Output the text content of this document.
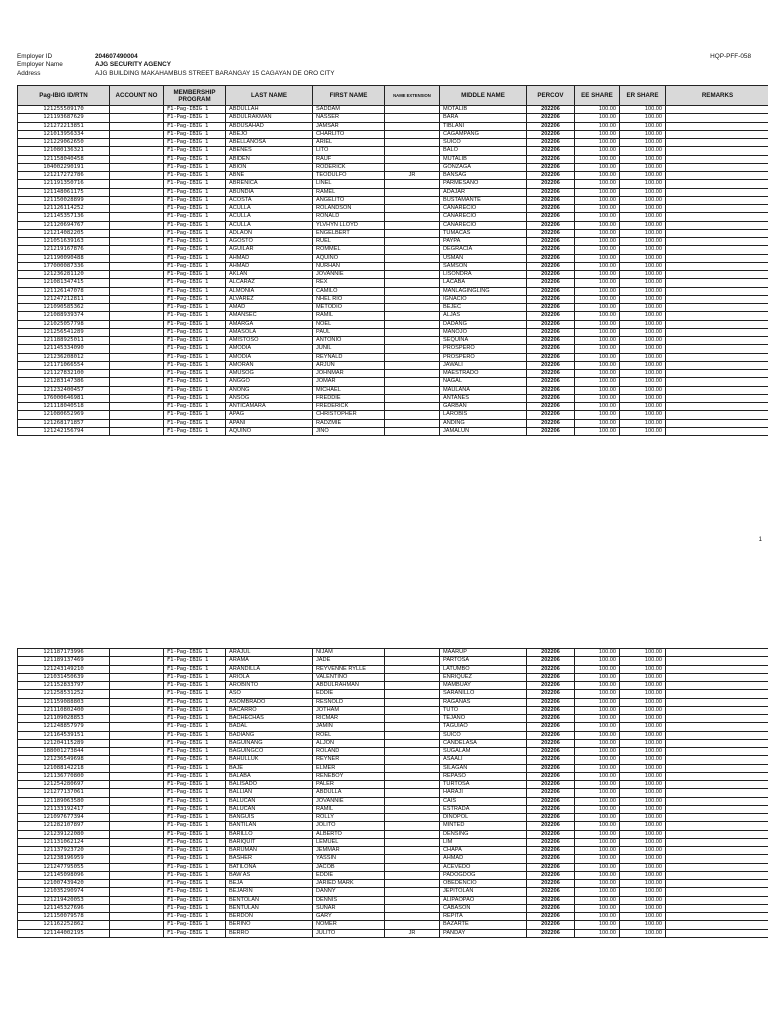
Employer ID	204607490004
Employer Name	AJG SECURITY AGENCY
Address	AJG BUILDING MAKAHAMBUS STREET BARANGAY 15 CAGAYAN DE ORO CITY
HQP-PFF-058
Pag-IBIG ID/RTN	ACCOUNT NO	MEMBERSHIP PROGRAM	LAST NAME	FIRST NAME	NAME EXTENSION	MIDDLE NAME	PERCOV	EE SHARE	ER SHARE	REMARKS
121255509170		F1-Pag-IBIG 1	ABDULLAH	SADDAM		MOTALIB	202206	100.00	100.00	
121193687629		F1-Pag-IBIG 1	ABDULRAKMAN	NASSER		BARA	202206	100.00	100.00	
121272213851		F1-Pag-IBIG 1	ABDUSAHAD	JAMSAR		TIBLANI	202206	100.00	100.00	
121013956334		F1-Pag-IBIG 1	ABEJO	CHARLITO		CAGAMPANG	202206	100.00	100.00	
121229062650		F1-Pag-IBIG 1	ABELLANOSA	ARIEL		SUICO	202206	100.00	100.00	
121080136321		F1-Pag-IBIG 1	ABENES	LITO		BALO	202206	100.00	100.00	
121158040458		F1-Pag-IBIG 1	ABIDEN	RAUF		MUTALIB	202206	100.00	100.00	
104002290191		F1-Pag-IBIG 1	ABION	RODERICK		GONZAGA	202206	100.00	100.00	
121217272786		F1-Pag-IBIG 1	ABNE	TEODULFO	JR	BANSAG	202206	100.00	100.00	
121191350716		F1-Pag-IBIG 1	ABRENICA	LINEL		PARMESANO	202206	100.00	100.00	
121148061175		F1-Pag-IBIG 1	ABUNDIA	RAMEL		ADAJAR	202206	100.00	100.00	
121150028899		F1-Pag-IBIG 1	ACOSTA	ANGELITO		BUSTAMANTE	202206	100.00	100.00	
121126114252		F1-Pag-IBIG 1	ACULLA	ROLANDSON		CANARECIO	202206	100.00	100.00	
121145357136		F1-Pag-IBIG 1	ACULLA	RONALD		CANARECIO	202206	100.00	100.00	
121120694767		F1-Pag-IBIG 1	ACULLA	YLVHYN LLOYD		CANARECIO	202206	100.00	100.00	
121214082205		F1-Pag-IBIG 1	ADLAON	ENGELBERT		TUMACAS	202206	100.00	100.00	
121051639163		F1-Pag-IBIG 1	AGOSTO	RUEL		PAYPA	202206	100.00	100.00	
121219167876		F1-Pag-IBIG 1	AGUILAR	ROMMEL		DEGRACIA	202206	100.00	100.00	
121190090488		F1-Pag-IBIG 1	AHMAD	AQUINO		USMAN	202206	100.00	100.00	
177000087336		F1-Pag-IBIG 1	AHMAD	NURHAN		SAMSON	202206	100.00	100.00	
121236281120		F1-Pag-IBIG 1	AKLAN	JOVANNIE		LISONDRA	202206	100.00	100.00	
121081347415		F1-Pag-IBIG 1	ALCARAZ	REX		LACABA	202206	100.00	100.00	
121126147078		F1-Pag-IBIG 1	ALMONIA	CAMILO		MANLAGINGLING	202206	100.00	100.00	
121247212811		F1-Pag-IBIG 1	ALVAREZ	NHEL RIO		IGNACIO	202206	100.00	100.00	
121090585362		F1-Pag-IBIG 1	AMAD	METODIO		BEJEC	202206	100.00	100.00	
121088939374		F1-Pag-IBIG 1	AMANSEC	RAMIL		ALJAS	202206	100.00	100.00	
121025057798		F1-Pag-IBIG 1	AMARGA	NOEL		DADANG	202206	100.00	100.00	
121256541289		F1-Pag-IBIG 1	AMASOLA	PAUL		MANOJO	202206	100.00	100.00	
121188925011		F1-Pag-IBIG 1	AMISTOSO	ANTONIO		SEQUINA	202206	100.00	100.00	
121145334090		F1-Pag-IBIG 1	AMODIA	JUNIL		PROSPERO	202206	100.00	100.00	
121236208012		F1-Pag-IBIG 1	AMODIA	REYNALD		PROSPERO	202206	100.00	100.00	
121171066554		F1-Pag-IBIG 1	AMORAN	ARJUN		JAWALI	202206	100.00	100.00	
121127832100		F1-Pag-IBIG 1	AMUSOG	JOHNMAR		MAESTRADO	202206	100.00	100.00	
121283147386		F1-Pag-IBIG 1	ANGGO	JOMAR		NAGAL	202206	100.00	100.00	
121232400457		F1-Pag-IBIG 1	ANONG	MICHAEL		MAULANA	202206	100.00	100.00	
176000646981		F1-Pag-IBIG 1	ANSOG	FREDDIE		ANTANES	202206	100.00	100.00	
121118040518		F1-Pag-IBIG 1	ANTICAMARA	FREDERICK		GARBAN	202206	100.00	100.00	
121080652969		F1-Pag-IBIG 1	APAG	CHRISTOPHER		LAROBIS	202206	100.00	100.00	
121268171857		F1-Pag-IBIG 1	APANI	RADZMIE		ANDING	202206	100.00	100.00	
121242156794		F1-Pag-IBIG 1	AQUINO	JINO		JAMALUN	202206	100.00	100.00	
1
121187173996		F1-Pag-IBIG 1	ARAJUL	NIJAM		MAARUP	202206	100.00	100.00	
121189137469		F1-Pag-IBIG 1	ARAMA	JADE		PARTOSA	202206	100.00	100.00	
121243149210		F1-Pag-IBIG 1	ARANDILLA	REYVENNE RYLLE		LATUMBO	202206	100.00	100.00	
121031450639		F1-Pag-IBIG 1	ARIOLA	VALENTINO		ENRIQUEZ	202206	100.00	100.00	
121152833797		F1-Pag-IBIG 1	AROBINTO	ABDULRAHMAN		MAMBUAY	202206	100.00	100.00	
121258531252		F1-Pag-IBIG 1	ASO	EDDIE		SARANILLO	202206	100.00	100.00	
121159088803		F1-Pag-IBIG 1	ASOMBRADO	RESNOLD		RAGANAS	202206	100.00	100.00	
121110802400		F1-Pag-IBIG 1	BACARRO	JOTHAM		TUTO	202206	100.00	100.00	
121109028853		F1-Pag-IBIG 1	BACHECHAS	RICMAR		TEJANO	202206	100.00	100.00	
121248857979		F1-Pag-IBIG 1	BADAL	JAMIN		TAGUIAO	202206	100.00	100.00	
121164539151		F1-Pag-IBIG 1	BADIANG	ROEL		SUICO	202206	100.00	100.00	
121204115289		F1-Pag-IBIG 1	BAGUINANG	ALJON		CANDELASA	202206	100.00	100.00	
188001273844		F1-Pag-IBIG 1	BAGUINGCO	ROLAND		SUGALAM	202206	100.00	100.00	
121236549698		F1-Pag-IBIG 1	BAHULLUK	REYNER		ASAALI	202206	100.00	100.00	
121088142218		F1-Pag-IBIG 1	BAJE	ELMER		SILAGAN	202206	100.00	100.00	
121136770800		F1-Pag-IBIG 1	BALABA	RENEBOY		REPASO	202206	100.00	100.00	
121254280697		F1-Pag-IBIG 1	BALISADO	PALER		TURTOSA	202206	100.00	100.00	
121277137061		F1-Pag-IBIG 1	BALLIAN	ABDULLA		HARAJI	202206	100.00	100.00	
121189063580		F1-Pag-IBIG 1	BALUCAN	JOVANNIE		CAIS	202206	100.00	100.00	
121133192417		F1-Pag-IBIG 1	BALUCAN	RAMIL		ESTRADA	202206	100.00	100.00	
121097677394		F1-Pag-IBIG 1	BANGUIS	ROLLY		DINOPOL	202206	100.00	100.00	
121282107897		F1-Pag-IBIG 1	BANTILAN	JOLITO		MINTED	202206	100.00	100.00	
121239122080		F1-Pag-IBIG 1	BARILLO	ALBERTO		DENSING	202206	100.00	100.00	
121131062124		F1-Pag-IBIG 1	BARIQUIT	LEMUEL		LIM	202206	100.00	100.00	
121137923720		F1-Pag-IBIG 1	BARUMAN	JEMMAR		CHAPA	202206	100.00	100.00	
121238196959		F1-Pag-IBIG 1	BASHER	YASSIN		AHMAD	202206	100.00	100.00	
121247795055		F1-Pag-IBIG 1	BATILONA	JACOB		ACEVEDO	202206	100.00	100.00	
121145098096		F1-Pag-IBIG 1	BAW AS	EDDIE		PADOGDOG	202206	100.00	100.00	
121007439420		F1-Pag-IBIG 1	BEJA	JARIED MARK		OBEDENCIO	202206	100.00	100.00	
121035290974		F1-Pag-IBIG 1	BEJARIN	DANNY		JEPITOLAN	202206	100.00	100.00	
121219420053		F1-Pag-IBIG 1	BENTOLAN	DENNIS		ALIPAOPAO	202206	100.00	100.00	
121145327696		F1-Pag-IBIG 1	BENTULAN	SUNAR		CABASON	202206	100.00	100.00	
121150079578		F1-Pag-IBIG 1	BERDON	GARY		REPITA	202206	100.00	100.00	
121162252862		F1-Pag-IBIG 1	BERINO	NOMER		BAZARTE	202206	100.00	100.00	
121144002195		F1-Pag-IBIG 1	BERRO	JULITO	JR	PANDAY	202206	100.00	100.00	
